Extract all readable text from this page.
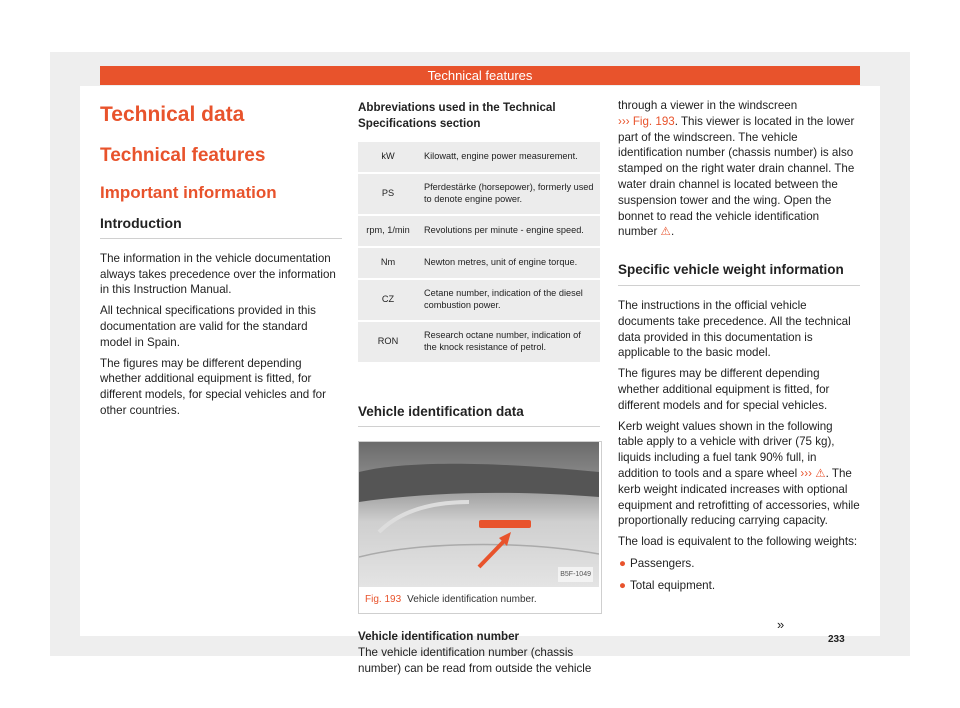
Technical features
Technical data
Technical features
Important information
Introduction

The information in the vehicle documentation always takes precedence over the information in this Instruction Manual.

All technical specifications provided in this documentation are valid for the standard model in Spain.

The figures may be different depending whether additional equipment is fitted, for different models, for special vehicles and for other countries.

Abbreviations used in the Technical Specifications section
kW	Kilowatt, engine power measurement.
PS	Pferdestärke (horsepower), formerly used to denote engine power.
rpm, 1/min	Revolutions per minute - engine speed.
Nm	Newton metres, unit of engine torque.
CZ	Cetane number, indication of the diesel combustion power.
RON	Research octane number, indication of the knock resistance of petrol.
Vehicle identification data
B5F-1049
Fig. 193 Vehicle identification number.
Vehicle identification number

The vehicle identification number (chassis number) can be read from outside the vehicle

through a viewer in the windscreen
››› Fig. 193. This viewer is located in the lower part of the windscreen. The vehicle identification number (chassis number) is also stamped on the right water drain channel. The water drain channel is located between the suspension tower and the wing. Open the bonnet to read the vehicle identification number ⚠.

Specific vehicle weight information

The instructions in the official vehicle documents take precedence. All the technical data provided in this documentation is applicable to the basic model.

The figures may be different depending whether additional equipment is fitted, for different models and for special vehicles.

Kerb weight values shown in the following table apply to a vehicle with driver (75 kg), liquids including a fuel tank 90% full, in addition to tools and a spare wheel ››› ⚠. The kerb weight indicated increases with optional equipment and retrofitting of accessories, while proportionally reducing carrying capacity.

The load is equivalent to the following weights:

● Passengers.
● Total equipment.
»
233
